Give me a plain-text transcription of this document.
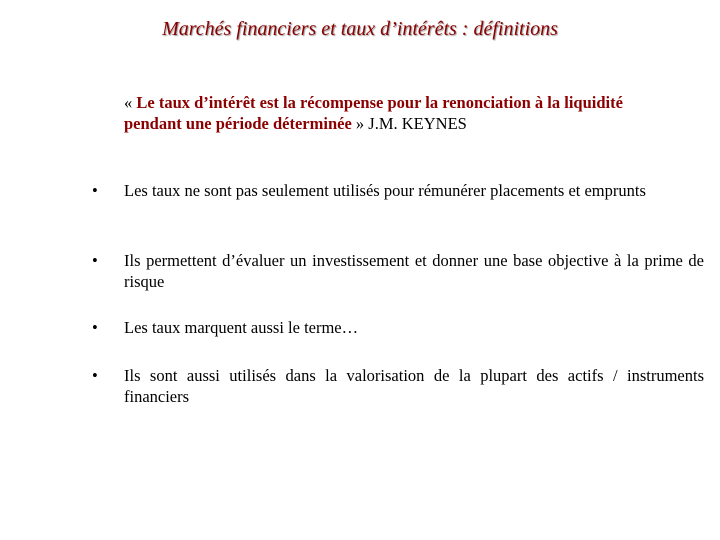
Marchés financiers et taux d’intérêts : définitions
« Le taux d’intérêt est la récompense pour la renonciation à la liquidité pendant une période déterminée » J.M. KEYNES
• Les taux ne sont pas seulement utilisés pour rémunérer placements et emprunts
• Ils permettent d’évaluer un investissement et donner une base objective à la prime de risque
• Les taux marquent aussi le terme…
• Ils sont aussi utilisés dans la valorisation de la plupart des actifs / instruments financiers
